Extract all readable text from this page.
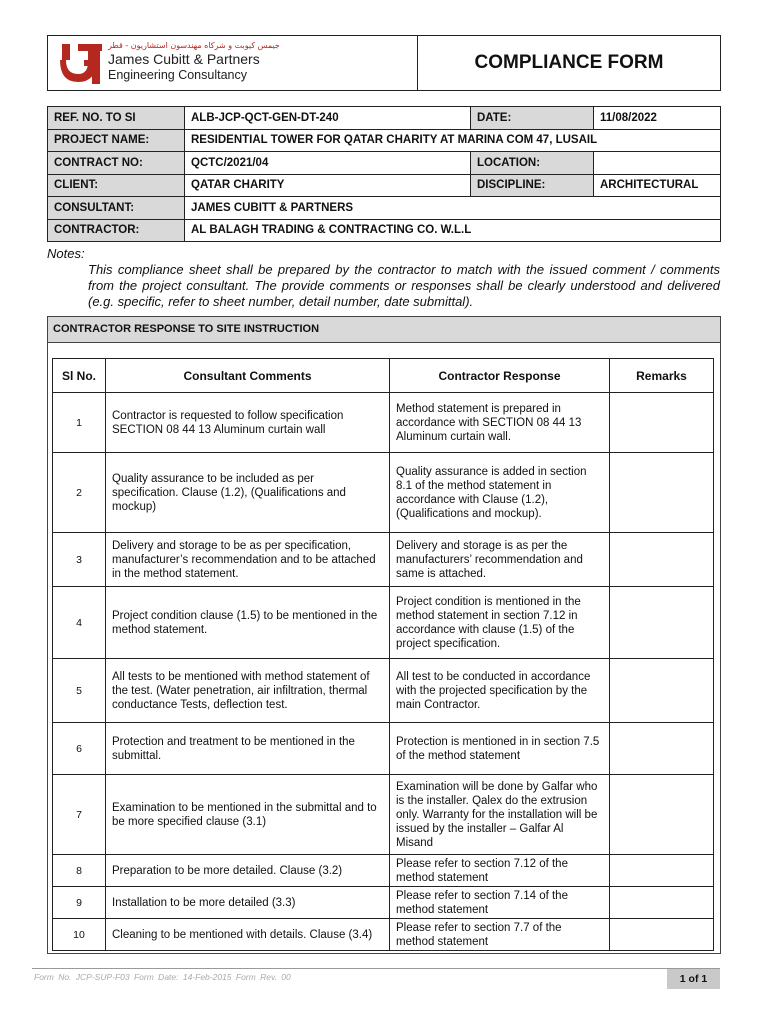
جيمس كيوبت و شركاه مهندسون استشاريون - قطر
James Cubitt & Partners
Engineering Consultancy
COMPLIANCE FORM
REF. NO. TO SI	ALB-JCP-QCT-GEN-DT-240	DATE:	11/08/2022
PROJECT NAME:	RESIDENTIAL TOWER FOR QATAR CHARITY AT MARINA COM 47, LUSAIL		
CONTRACT NO:	QCTC/2021/04	LOCATION:	
CLIENT:	QATAR CHARITY	DISCIPLINE:	ARCHITECTURAL
CONSULTANT:	JAMES CUBITT & PARTNERS		
CONTRACTOR:	AL BALAGH TRADING & CONTRACTING CO. W.L.L		
Notes:
This compliance sheet shall be prepared by the contractor to match with the issued comment / comments from the project consultant. The provide comments or responses shall be clearly understood and delivered (e.g. specific, refer to sheet number, detail number, date submittal).
CONTRACTOR RESPONSE TO SITE INSTRUCTION
Sl No.	Consultant Comments	Contractor Response	Remarks
1	Contractor is requested to follow specification SECTION 08 44 13 Aluminum curtain wall	Method statement is prepared in accordance with SECTION 08 44 13 Aluminum curtain wall.	
2	Quality assurance to be included as per specification. Clause (1.2), (Qualifications and mockup)	Quality assurance is added in section 8.1 of the method statement in accordance with Clause (1.2), (Qualifications and mockup).	
3	Delivery and storage to be as per specification, manufacturer’s recommendation and to be attached in the method statement.	Delivery and storage is as per the manufacturers’ recommendation and same is attached.	
4	Project condition clause (1.5) to be mentioned in the method statement.	Project condition is mentioned in the method statement in section 7.12 in accordance with clause (1.5) of the project specification.	
5	All tests to be mentioned with method statement of the test. (Water penetration, air infiltration, thermal conductance Tests, deflection test.	All test to be conducted in accordance with the projected specification by the main Contractor.	
6	Protection and treatment to be mentioned in the submittal.	Protection is mentioned in in section 7.5 of the method statement	
7	Examination to be mentioned in the submittal and to be more specified clause (3.1)	Examination will be done by Galfar who is the installer. Qalex do the extrusion only. Warranty for the installation will be issued by the installer – Galfar Al Misand	
8	Preparation to be more detailed. Clause (3.2)	Please refer to section 7.12 of the method statement	
9	Installation to be more detailed (3.3)	Please refer to section 7.14 of the method statement	
10	Cleaning to be mentioned with details. Clause (3.4)	Please refer to section 7.7 of the method statement	
Form No. JCP-SUP-F03 Form Date: 14-Feb-2015 Form Rev. 00	1 of 1
